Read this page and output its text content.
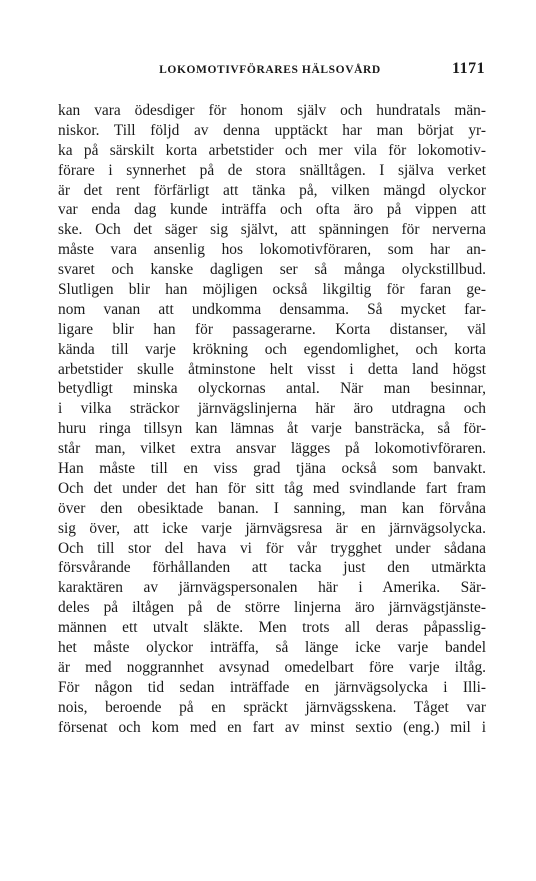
LOKOMOTIVFÖRARES HÄLSOVÅRD	1171
kan vara ödesdiger för honom själv och hundratals män-
niskor. Till följd av denna upptäckt har man börjat yr-
ka på särskilt korta arbetstider och mer vila för lokomotiv-
förare i synnerhet på de stora snälltågen. I själva verket
är det rent förfärligt att tänka på, vilken mängd olyckor
var enda dag kunde inträffa och ofta äro på vippen att
ske. Och det säger sig självt, att spänningen för nerverna
måste vara ansenlig hos lokomotivföraren, som har an-
svaret och kanske dagligen ser så många olyckstillbud.
Slutligen blir han möjligen också likgiltig för faran ge-
nom vanan att undkomma densamma. Så mycket far-
ligare blir han för passagerarne. Korta distanser, väl
kända till varje krökning och egendomlighet, och korta
arbetstider skulle åtminstone helt visst i detta land högst
betydligt minska olyckornas antal. När man besinnar,
i vilka sträckor järnvägslinjerna här äro utdragna och
huru ringa tillsyn kan lämnas åt varje bansträcka, så för-
står man, vilket extra ansvar lägges på lokomotivföraren.
Han måste till en viss grad tjäna också som banvakt.
Och det under det han för sitt tåg med svindlande fart fram
över den obesiktade banan. I sanning, man kan förvåna
sig över, att icke varje järnvägsresa är en järnvägsolycka.
Och till stor del hava vi för vår trygghet under sådana
försvårande förhållanden att tacka just den utmärkta
karaktären av järnvägspersonalen här i Amerika. Sär-
deles på iltågen på de större linjerna äro järnvägstjänste-
männen ett utvalt släkte. Men trots all deras påpasslig-
het måste olyckor inträffa, så länge icke varje bandel
är med noggrannhet avsynad omedelbart före varje iltåg.
För någon tid sedan inträffade en järnvägsolycka i Illi-
nois, beroende på en spräckt järnvägsskena. Tåget var
försenat och kom med en fart av minst sextio (eng.) mil i
